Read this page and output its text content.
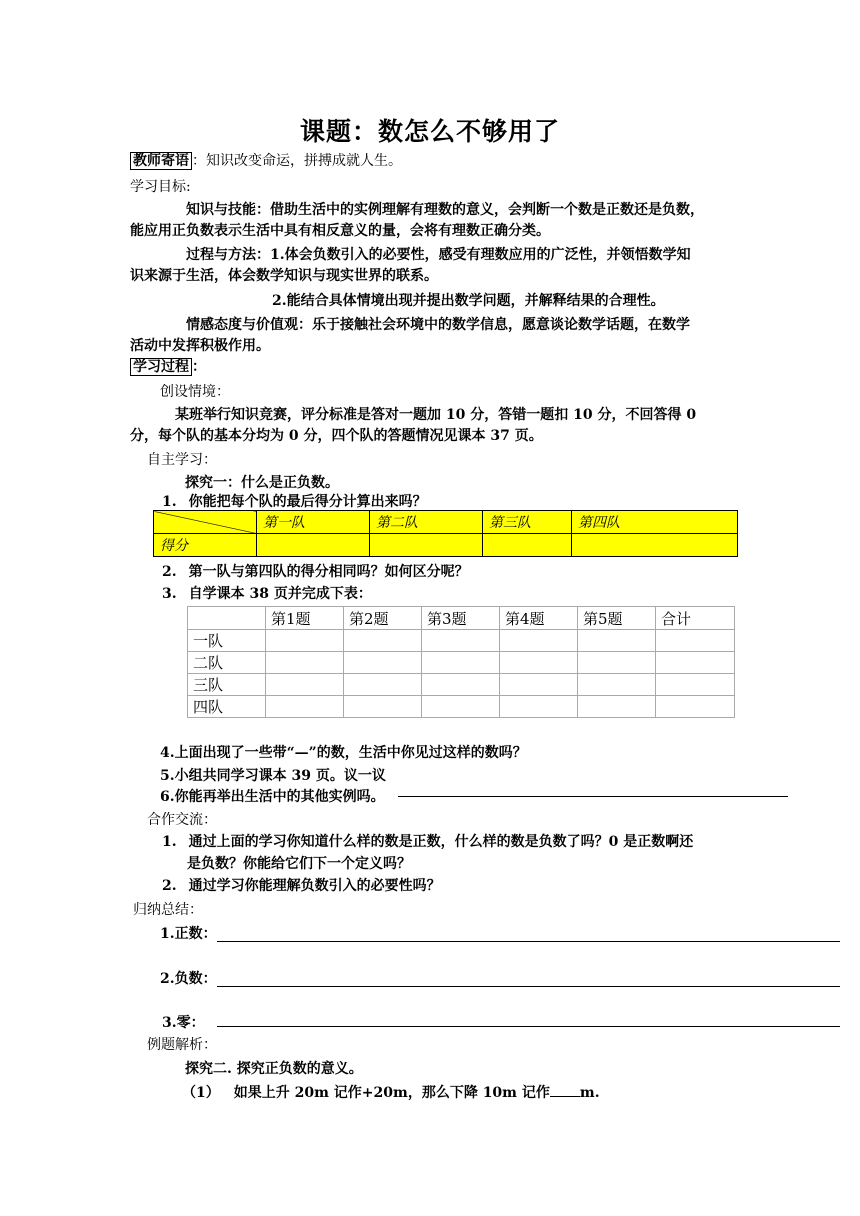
课题：数怎么不够用了
教师寄语 ：知识改变命运，拼搏成就人生。
学习目标:
知识与技能：借助生活中的实例理解有理数的意义，会判断一个数是正数还是负数，
能应用正负数表示生活中具有相反意义的量，会将有理数正确分类。
过程与方法：1.体会负数引入的必要性，感受有理数应用的广泛性，并领悟数学知
识来源于生活，体会数学知识与现实世界的联系。
2.能结合具体情境出现并提出数学问题，并解释结果的合理性。
情感态度与价值观：乐于接触社会环境中的数学信息，愿意谈论数学话题，在数学
活动中发挥积极作用。
学习过程 ：
创设情境：
某班举行知识竞赛，评分标准是答对一题加 10 分，答错一题扣 10 分，不回答得 0
分，每个队的基本分均为 0 分，四个队的答题情况见课本 37 页。
自主学习：
探究一：什么是正负数。
1. 你能把每个队的最后得分计算出来吗？
	第一队	第二队	第三队	第四队
得分				
2. 第一队与第四队的得分相同吗？如何区分呢？
3. 自学课本 38 页并完成下表：
	第1题	第2题	第3题	第4题	第5题	合计
一队						
二队						
三队						
四队						
4.上面出现了一些带“—”的数，生活中你见过这样的数吗？
5.小组共同学习课本 39 页。议一议
6.你能再举出生活中的其他实例吗。
合作交流：
1. 通过上面的学习你知道什么样的数是正数，什么样的数是负数了吗？0 是正数啊还
是负数？你能给它们下一个定义吗？
2. 通过学习你能理解负数引入的必要性吗？
归纳总结：
1.正数：
2.负数：
3.零：
例题解析：
探究二. 探究正负数的意义。
（1） 如果上升 20m 记作+20m，那么下降 10m 记作 m.
